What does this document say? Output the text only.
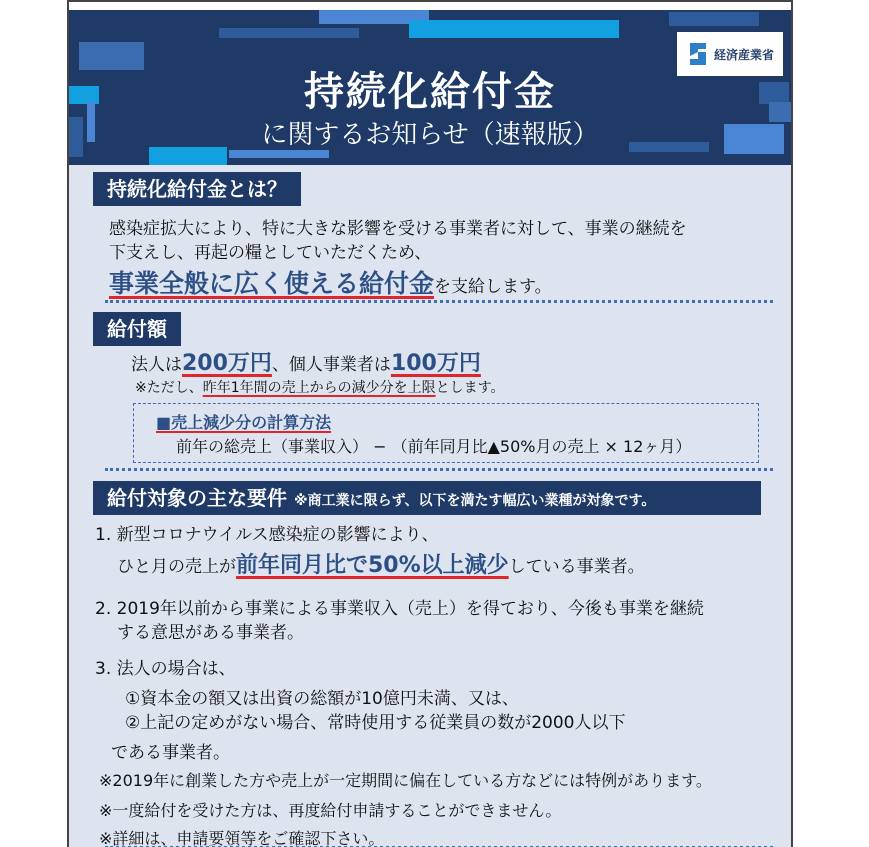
持続化給付金
に関するお知らせ（速報版）
経済産業省
持続化給付金とは？
感染症拡大により、特に大きな影響を受ける事業者に対して、事業の継続を
下支えし、再起の糧としていただくため、
事業全般に広く使える給付金を支給します。
給付額
法人は200万円、個人事業者は100万円
※ただし、昨年1年間の売上からの減少分を上限とします。
■売上減少分の計算方法
前年の総売上（事業収入） − （前年同月比▲50%月の売上 × 12ヶ月）
給付対象の主な要件 ※商工業に限らず、以下を満たす幅広い業種が対象です。
1. 新型コロナウイルス感染症の影響により、
ひと月の売上が前年同月比で50%以上減少している事業者。
2. 2019年以前から事業による事業収入（売上）を得ており、今後も事業を継続
する意思がある事業者。
3. 法人の場合は、
①資本金の額又は出資の総額が10億円未満、又は、
②上記の定めがない場合、常時使用する従業員の数が2000人以下
である事業者。
※2019年に創業した方や売上が一定期間に偏在している方などには特例があります。
※一度給付を受けた方は、再度給付申請することができません。
※詳細は、申請要領等をご確認下さい。
